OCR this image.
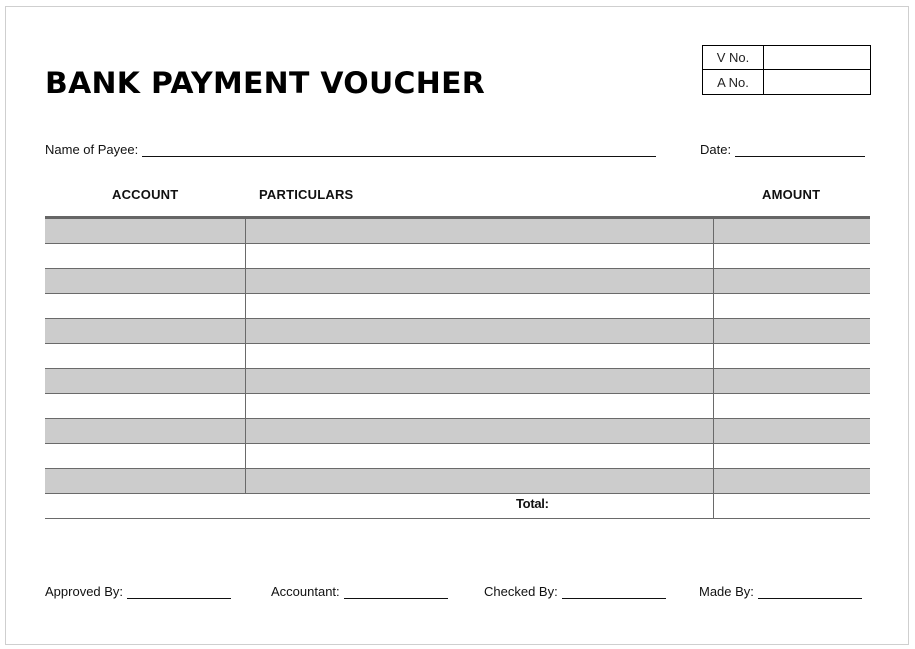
BANK PAYMENT VOUCHER
V No.
A No.
Name of Payee:	Date:
ACCOUNT	PARTICULARS	AMOUNT
Total:
Approved By:	Accountant:	Checked By:	Made By:
